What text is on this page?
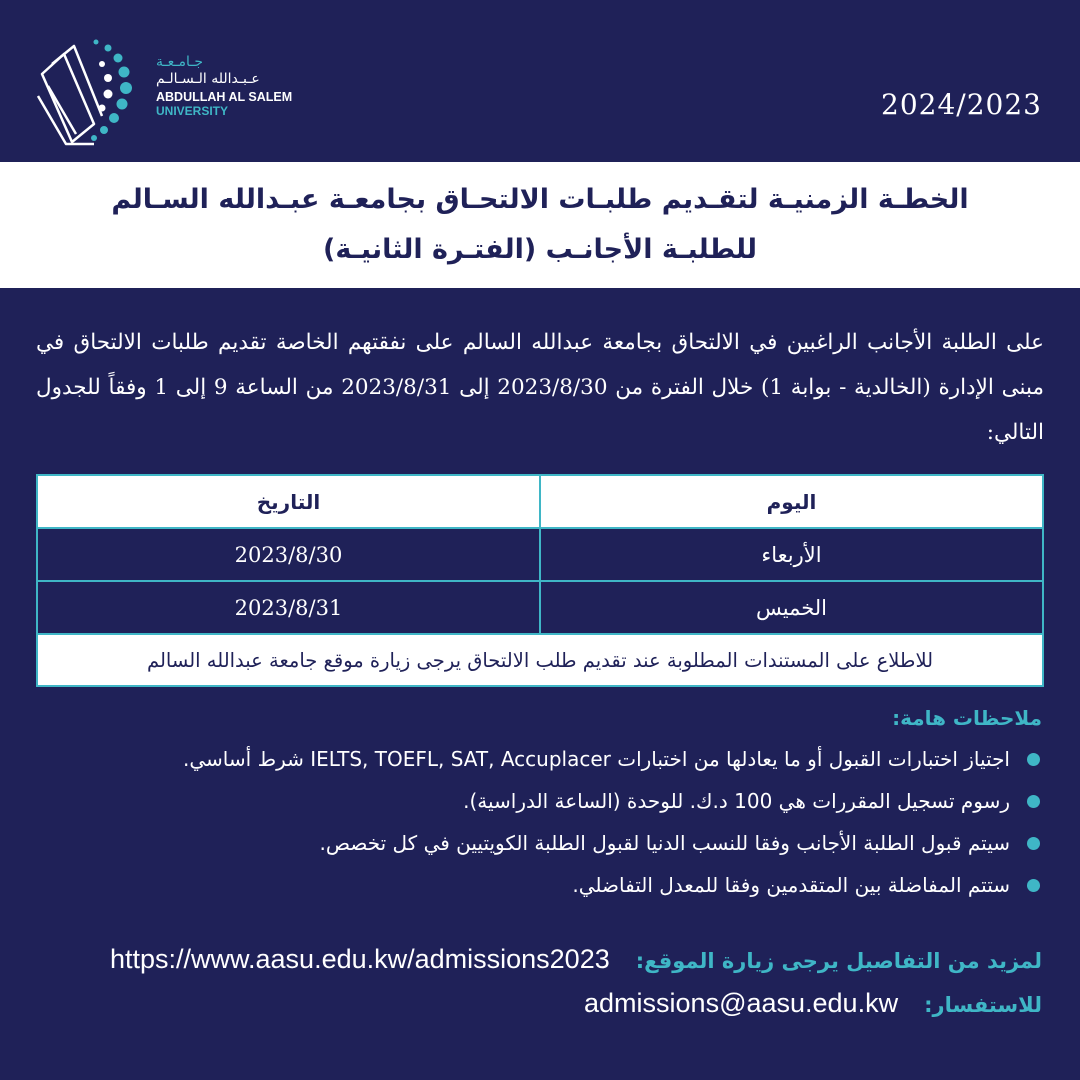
جـامـعـة
عـبـدالله الـسـالـم
ABDULLAH AL SALEM
UNIVERSITY	2024/2023
الخطـة الزمنيـة لتقـديم طلبـات الالتحـاق بجامعـة عبـدالله السـالم
للطلبـة الأجانـب (الفتـرة الثانيـة)

على الطلبة الأجانب الراغبين في الالتحاق بجامعة عبدالله السالم على نفقتهم الخاصة تقديم طلبات الالتحاق في مبنى الإدارة (الخالدية - بوابة 1) خلال الفترة من 2023/8/30 إلى 2023/8/31 من الساعة 9 إلى 1 وفقاً للجدول التالي:

اليوم	التاريخ
الأربعاء	2023/8/30
الخميس	2023/8/31
للاطلاع على المستندات المطلوبة عند تقديم طلب الالتحاق يرجى زيارة موقع جامعة عبدالله السالم	
ملاحظات هامة:
اجتياز اختبارات القبول أو ما يعادلها من اختبارات IELTS, TOEFL, SAT, Accuplacer شرط أساسي.
رسوم تسجيل المقررات هي 100 د.ك. للوحدة (الساعة الدراسية).
سيتم قبول الطلبة الأجانب وفقا للنسب الدنيا لقبول الطلبة الكويتيين في كل تخصص.
ستتم المفاضلة بين المتقدمين وفقا للمعدل التفاضلي.
لمزيد من التفاصيل يرجى زيارة الموقع:
https://www.aasu.edu.kw/admissions2023
للاستفسار:
admissions@aasu.edu.kw
